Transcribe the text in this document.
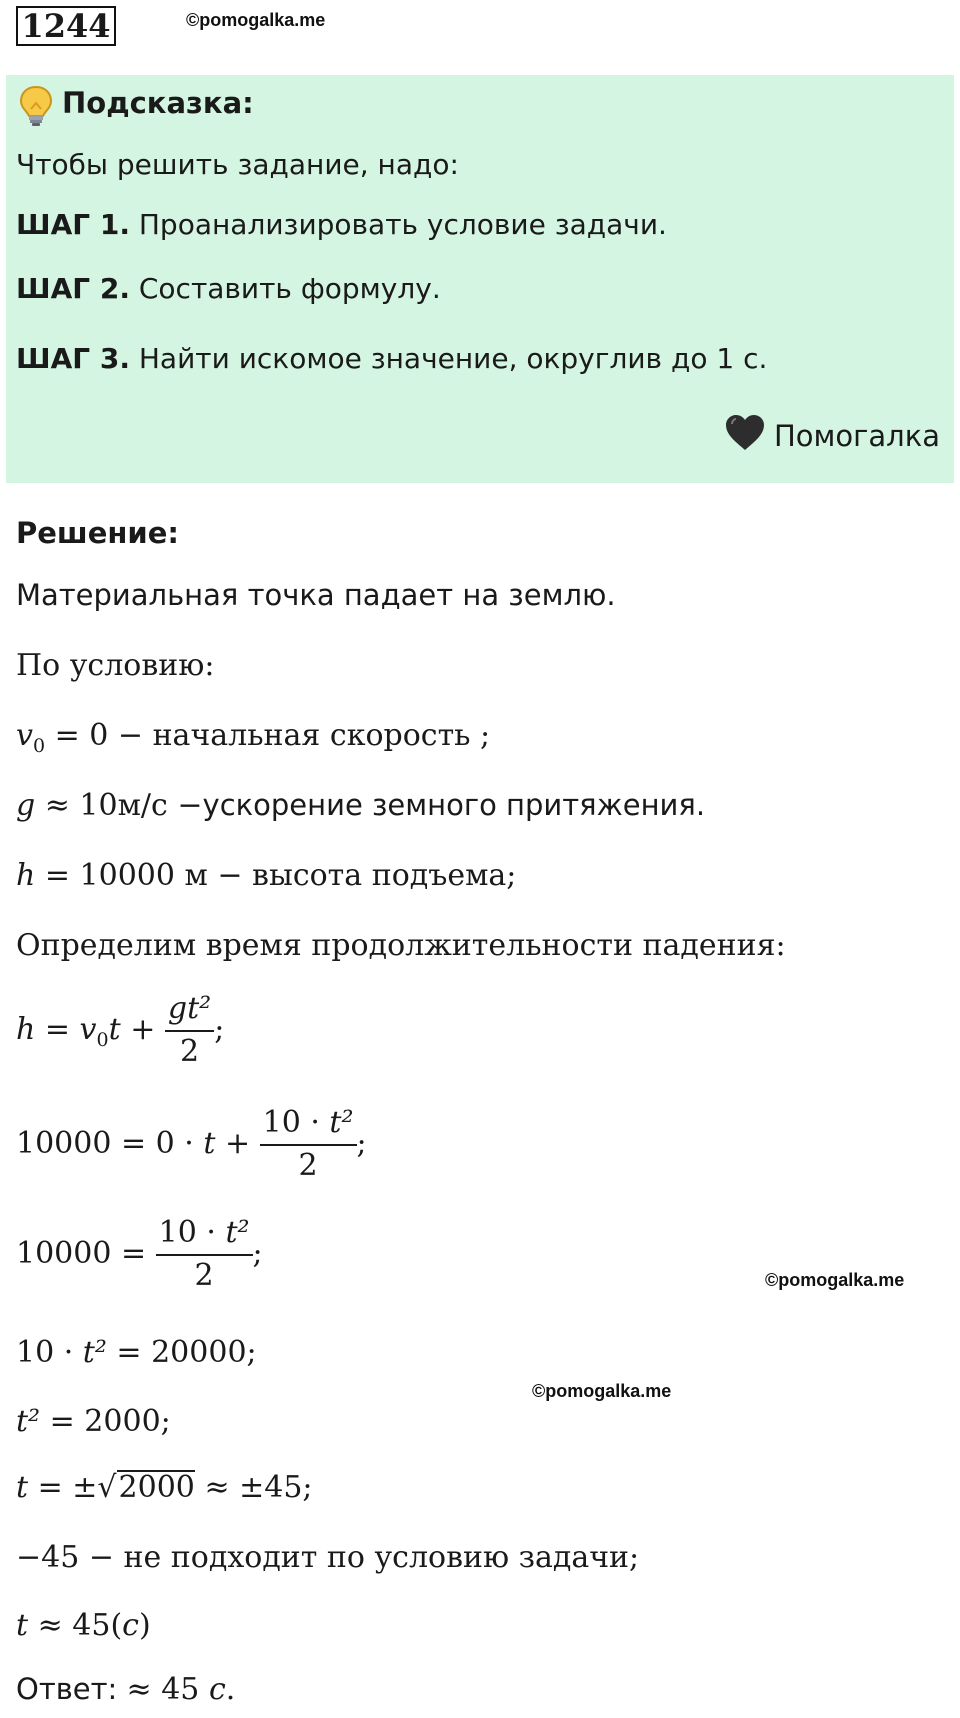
1244	©pomogalka.me
Подсказка:
Чтобы решить задание, надо:
ШАГ 1. Проанализировать условие задачи.
ШАГ 2. Составить формулу.
ШАГ 3. Найти искомое значение, округлив до 1 с.
Помогалка
Решение:
Материальная точка падает на землю.
По условию:
$v_0 = 0$ − начальная скорость ;
g ≈ 10м/с −ускорение земного притяжения.
h = 10000 м − высота подъема;
Определим время продолжительности падения:
$h = v_0t + \frac{\text{gt²}}{2}$ ;
$10000 = 0 \cdot t + \frac{\text{10 · t²}}{2}$ ;
$10000 = \frac{\text{10 · t²}}{2}$ ;
©pomogalka.me
10 · t² = 20000;
©pomogalka.me
t² = 2000;
t = ±√2000 ≈ ±45;
−45 − не подходит по условию задачи;
t ≈ 45(с)
Ответ: ≈ 45 с.
